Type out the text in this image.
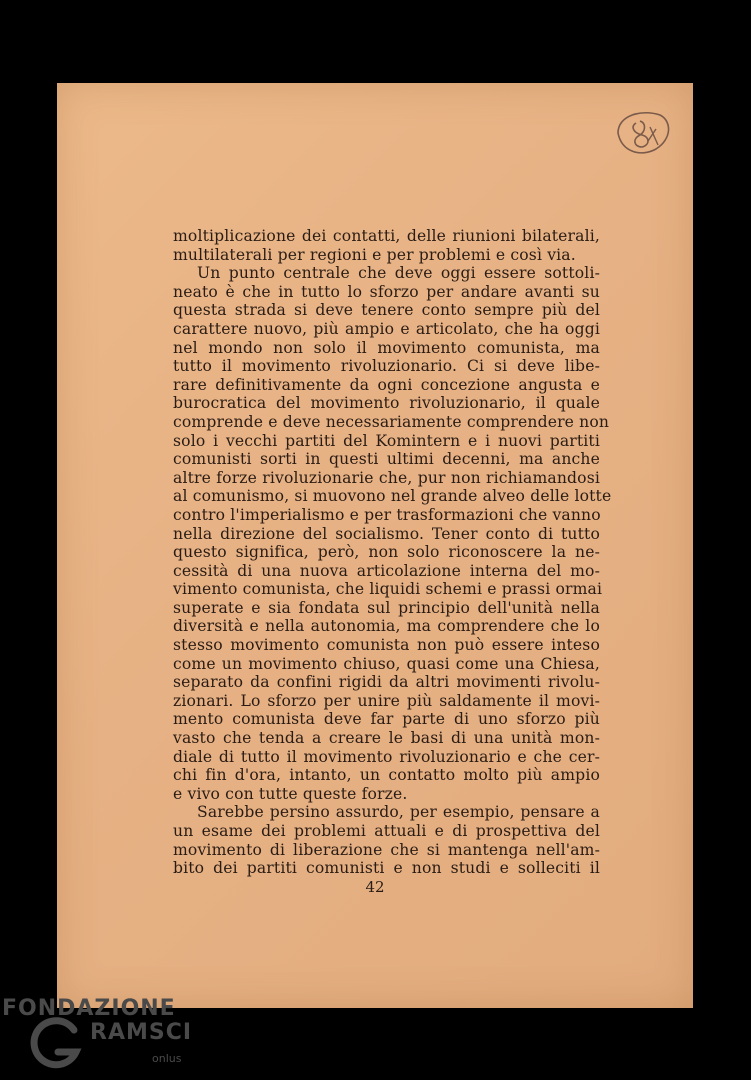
moltiplicazione dei contatti, delle riunioni bilaterali,
multilaterali per regioni e per problemi e così via.
Un punto centrale che deve oggi essere sottoli-
neato è che in tutto lo sforzo per andare avanti su
questa strada si deve tenere conto sempre più del
carattere nuovo, più ampio e articolato, che ha oggi
nel mondo non solo il movimento comunista, ma
tutto il movimento rivoluzionario. Ci si deve libe-
rare definitivamente da ogni concezione angusta e
burocratica del movimento rivoluzionario, il quale
comprende e deve necessariamente comprendere non
solo i vecchi partiti del Komintern e i nuovi partiti
comunisti sorti in questi ultimi decenni, ma anche
altre forze rivoluzionarie che, pur non richiamandosi
al comunismo, si muovono nel grande alveo delle lotte
contro l'imperialismo e per trasformazioni che vanno
nella direzione del socialismo. Tener conto di tutto
questo significa, però, non solo riconoscere la ne-
cessità di una nuova articolazione interna del mo-
vimento comunista, che liquidi schemi e prassi ormai
superate e sia fondata sul principio dell'unità nella
diversità e nella autonomia, ma comprendere che lo
stesso movimento comunista non può essere inteso
come un movimento chiuso, quasi come una Chiesa,
separato da confini rigidi da altri movimenti rivolu-
zionari. Lo sforzo per unire più saldamente il movi-
mento comunista deve far parte di uno sforzo più
vasto che tenda a creare le basi di una unità mon-
diale di tutto il movimento rivoluzionario e che cer-
chi fin d'ora, intanto, un contatto molto più ampio
e vivo con tutte queste forze.
Sarebbe persino assurdo, per esempio, pensare a
un esame dei problemi attuali e di prospettiva del
movimento di liberazione che si mantenga nell'am-
bito dei partiti comunisti e non studi e solleciti il
42
FONDAZIONE
RAMSCI
onlus
